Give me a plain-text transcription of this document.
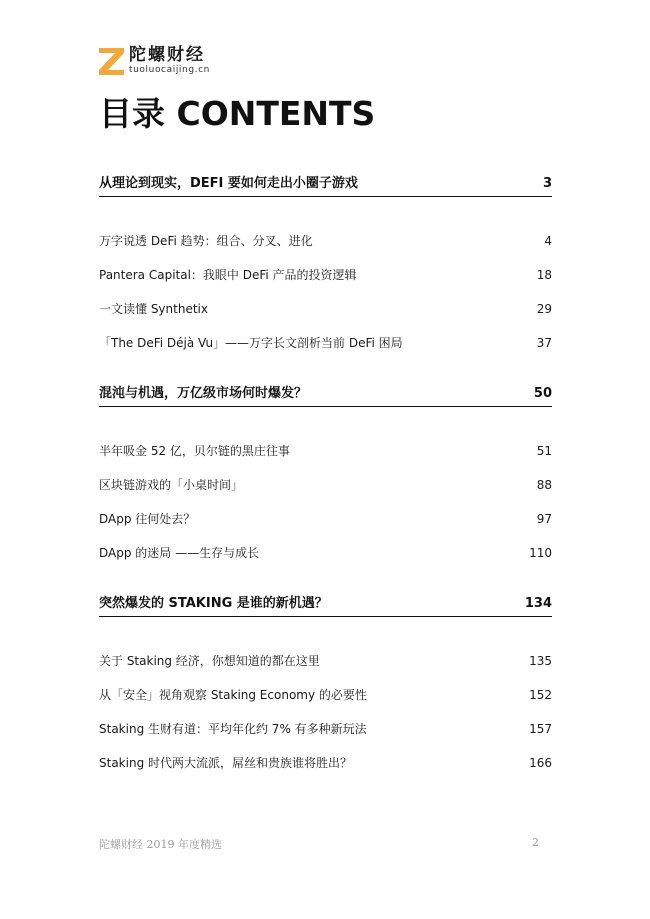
陀螺财经
tuoluocaijing.cn
目录 CONTENTS
从理论到现实，DEFI 要如何走出小圈子游戏	3
万字说透 DeFi 趋势：组合、分叉、进化	4
Pantera Capital：我眼中 DeFi 产品的投资逻辑	18
一文读懂 Synthetix	29
「The DeFi Déjà Vu」——万字长文剖析当前 DeFi 困局	37
混沌与机遇，万亿级市场何时爆发？	50
半年吸金 52 亿，贝尔链的黑庄往事	51
区块链游戏的「小桌时间」	88
DApp 往何处去？	97
DApp 的迷局 ——生存与成长	110
突然爆发的 STAKING 是谁的新机遇？	134
关于 Staking 经济，你想知道的都在这里	135
从「安全」视角观察 Staking Economy 的必要性	152
Staking 生财有道：平均年化约 7% 有多种新玩法	157
Staking 时代两大流派，屌丝和贵族谁将胜出？	166
陀螺财经 2019 年度精选	2
